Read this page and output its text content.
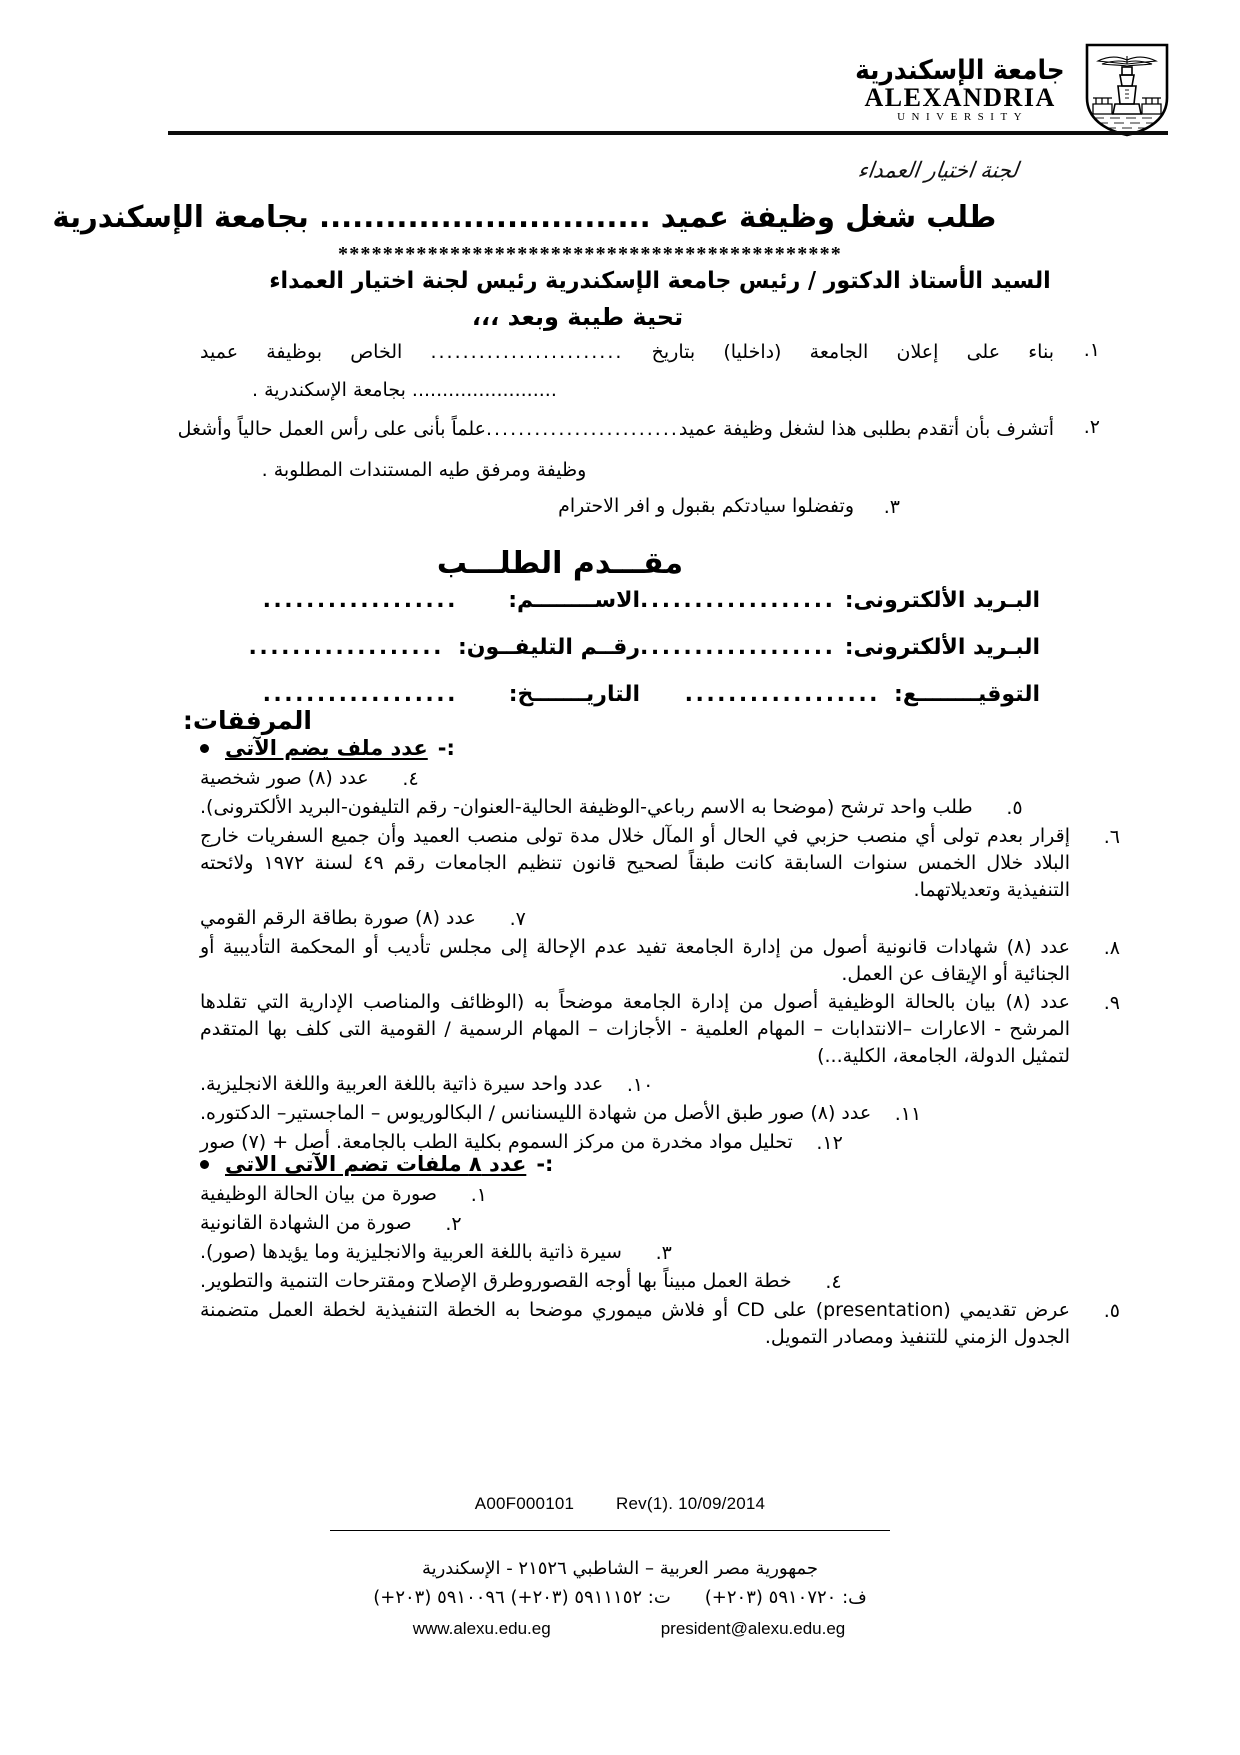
جامعة الإسكندرية
ALEXANDRIA
UNIVERSITY
لجنة اختيار العمداء
طلب شغل وظيفة عميد .............................. بجامعة الإسكندرية
*********************************************
السيد الأستاذ الدكتور / رئيس جامعة الإسكندرية رئيس لجنة اختيار العمداء
تحية طيبة وبعد ،،،
١.
بناء
على
إعلان
الجامعة
(داخليا)
بتاريخ
........................
الخاص
بوظيفة
عميد
........................ بجامعة الإسكندرية .
٢.
أتشرف بأن أتقدم بطلبى هذا لشغل وظيفة عميد
........................
علماً بأنى على رأس العمل حالياً وأشغل
وظيفة ومرفق طيه المستندات المطلوبة .
٣.
وتفضلوا سيادتكم بقبول و افر الاحترام
مقـــدم الطلـــب
البـريد الألكترونى:
..................
الاســــــــم:
..................
البـريد الألكترونى:
..................
رقــم التليفــون:
..................
التوقيــــــــع:
..................
التاريـــــــخ:
..................
المرفقات:
عدد ملف يضم الآتى :-
٤.
عدد (٨) صور شخصية
٥.
طلب واحد ترشح (موضحا به الاسم رباعي-الوظيفة الحالية-العنوان- رقم التليفون-البريد الألكترونى).
٦.
إقرار بعدم تولى أي منصب حزبي في الحال أو المآل خلال مدة تولى منصب العميد وأن جميع السفريات خارج البلاد خلال الخمس سنوات السابقة كانت طبقاً لصحيح قانون تنظيم الجامعات رقم ٤٩ لسنة ١٩٧٢ ولائحته التنفيذية وتعديلاتهما.
٧.
عدد (٨) صورة بطاقة الرقم القومي
٨.
عدد (٨) شهادات قانونية أصول من إدارة الجامعة تفيد عدم الإحالة إلى مجلس تأديب أو المحكمة التأديبية أو الجنائية أو الإيقاف عن العمل.
٩.
عدد (٨) بيان بالحالة الوظيفية أصول من إدارة الجامعة موضحاً به (الوظائف والمناصب الإدارية التي تقلدها المرشح - الاعارات –الانتدابات – المهام العلمية - الأجازات – المهام الرسمية / القومية التى كلف بها المتقدم لتمثيل الدولة، الجامعة، الكلية...)
١٠.
عدد واحد سيرة ذاتية باللغة العربية واللغة الانجليزية.
١١.
عدد (٨) صور طبق الأصل من شهادة الليسنانس / البكالوريوس – الماجستير– الدكتوره.
١٢.
تحليل مواد مخدرة من مركز السموم بكلية الطب بالجامعة. أصل + (٧) صور
عدد ٨ ملفات تضم الآتى الاتى :-
١.
صورة من بيان الحالة الوظيفية
٢.
صورة من الشهادة القانونية
٣.
سيرة ذاتية باللغة العربية والانجليزية وما يؤيدها (صور).
٤.
خطة العمل مبيناً بها أوجه القصوروطرق الإصلاح ومقترحات التنمية والتطوير.
٥.
عرض تقديمي (presentation) على CD أو فلاش ميموري موضحا به الخطة التنفيذية لخطة العمل متضمنة الجدول الزمني للتنفيذ ومصادر التمويل.
A00F000101 Rev(1). 10/09/2014
جمهورية مصر العربية – الشاطبي ٢١٥٢٦ - الإسكندرية
ف: ٥٩١٠٧٢٠ (٢٠٣+)
ت: ٥٩١١١٥٢ (٢٠٣+) ٥٩١٠٠٩٦ (٢٠٣+)
www.alexu.edu.eg	president@alexu.edu.eg
